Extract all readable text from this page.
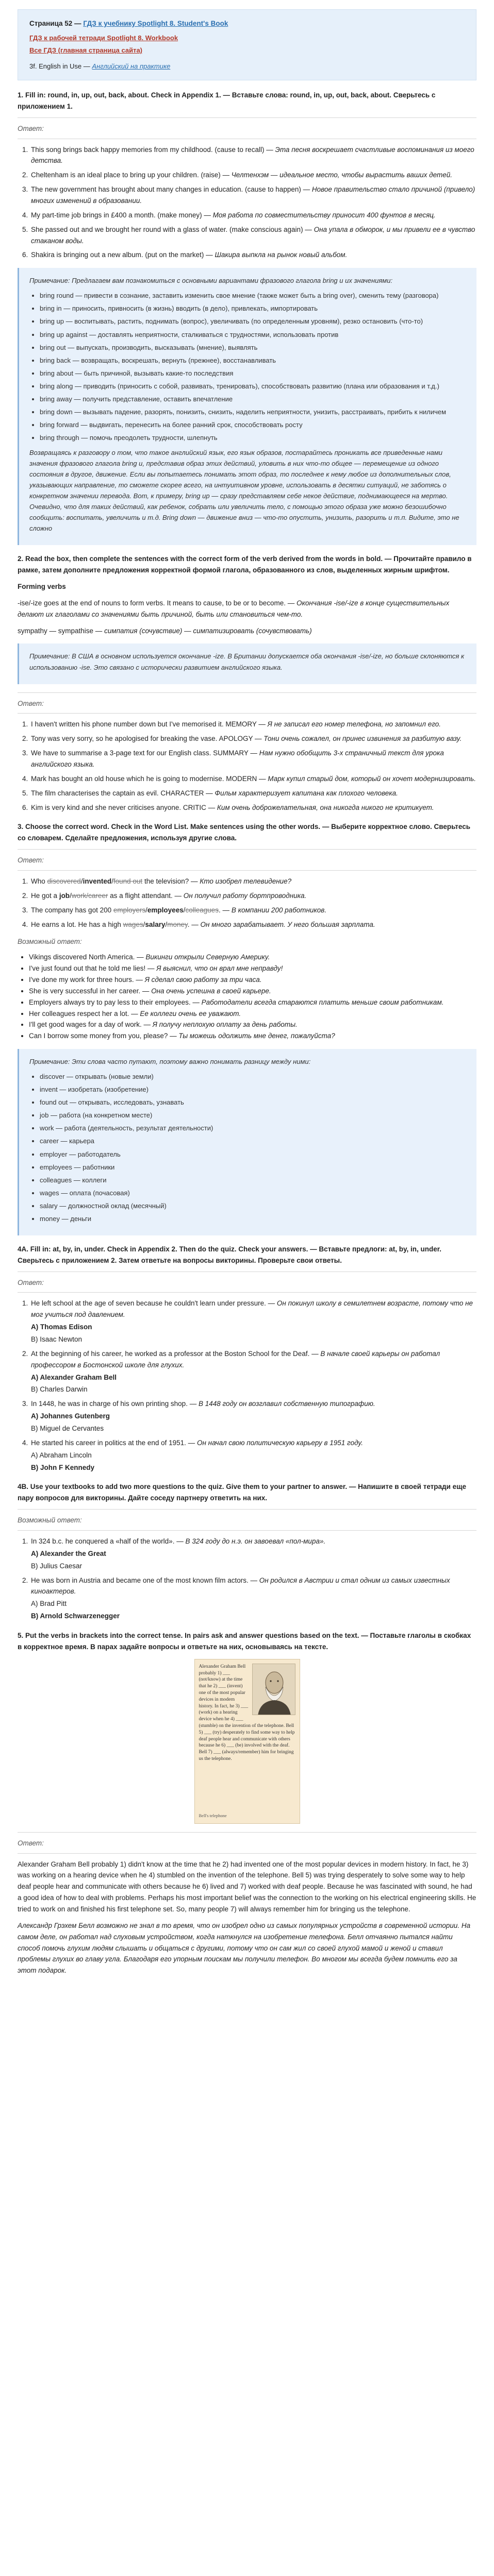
Страница 52 — ГДЗ к учебнику Spotlight 8. Student's Book
ГДЗ к рабочей тетради Spotlight 8. Workbook
Все ГДЗ (главная страница сайта)
3f. English in Use — Английский на практике
1. Fill in: round, in, up, out, back, about. Check in Appendix 1. — Вставьте слова: round, in, up, out, back, about. Сверьтесь с приложением 1.
Ответ:
1. This song brings back happy memories from my childhood. (cause to recall) — Эта песня воскрешает счастливые воспоминания из моего детства.
2. Cheltenham is an ideal place to bring up your children. (raise) — Челтенхэм — идеальное место, чтобы вырастить ваших детей.
3. The new government has brought about many changes in education. (cause to happen) — Новое правительство стало причиной (привело) многих изменений в образовании.
4. My part-time job brings in £400 a month. (make money) — Моя работа по совместительству приносит 400 фунтов в месяц.
5. She passed out and we brought her round with a glass of water. (make conscious again) — Она упала в обморок, и мы привели ее в чувство стаканом воды.
6. Shakira is bringing out a new album. (put on the market) — Шакира выпкла на рынок новый альбом.

Примечание: Предлагаем вам познакомиться с основными вариантами фразового глагола bring и их значениями:

• bring round — привести в сознание, заставить изменить свое мнение (также может быть a bring over), сменить тему (разговора)
• bring in — приносить, привносить (в жизнь) вводить (в дело), привлекать, импортировать
• bring up — воспитывать, растить, поднимать (вопрос), увеличивать (по определенным уровням), резко остановить (что-то)
• bring up against — доставлять неприятности, сталкиваться с трудностями, использовать против
• bring out — выпускать, производить, высказывать (мнение), выявлять
• bring back — возвращать, воскрешать, вернуть (прежнее), восстанавливать
• bring about — быть причиной, вызывать какие-то последствия
• bring along — приводить (приносить с собой, развивать, тренировать), способствовать развитию (плана или образования и т.д.)
• bring away — получить представление, оставить впечатление
• bring down — вызывать падение, разорять, понизить, снизить, наделить неприятности, унизить, расстраивать, прибить к ниличем
• bring forward — выдвигать, перенесить на более ранний срок, способствовать росту
• bring through — помочь преодолеть трудности, шлепнуть

Возвращаясь к разговору о том, что такое английский язык, его язык образов, постарайтесь проникать все приведенные нами значения фразового глагола bring и, представив образ этих действий, уловить в них что-то общее — перемещение из одного состояния в другое, движение. Если вы попытаетесь понимать этот образ, то последнее к нему любое из дополнительных слов, указывающих направление, то сможете скорее всего, на интуитивном уровне, использовать в десятки ситуаций, не заботясь о конкретном значении перевода. Вот, к примеру, bring up — сразу представляем себе некое действие, поднимающееся на мертво. Очевидно, что для таких действий, как ребенок, собрать или увеличить тело, с помощью этого образа уже можно безошибочно сообщить: воспитать, увеличить и т.д. Bring down — движение вниз — что-то опустить, унизить, разорить и т.п. Видите, это не сложно

2. Read the box, then complete the sentences with the correct form of the verb derived from the words in bold. — Прочитайте правило в рамке, затем дополните предложения корректной формой глагола, образованного из слов, выделенных жирным шрифтом.

Forming verbs

-ise/-ize goes at the end of nouns to form verbs. It means to cause, to be or to become. — Окончания -ise/-ize в конце существительных делают их глаголами со значениями быть причиной, быть или становиться чем-то.

sympathy — sympathise — симпатия (сочувствие) — симпатизировать (сочувствовать)

Примечание: В США в основном используется окончание -ize. В Британии допускается оба окончания -ise/-ize, но больше склоняются к использованию -ise. Это связано с исторически развитием английского языка.

Ответ:
1. I haven't written his phone number down but I've memorised it. MEMORY — Я не записал его номер телефона, но запомнил его.
2. Tony was very sorry, so he apologised for breaking the vase. APOLOGY — Тони очень сожалел, он принес извинения за разбитую вазу.
3. We have to summarise a 3-page text for our English class. SUMMARY — Нам нужно обобщить 3-х страничный текст для урока английского языка.
4. Mark has bought an old house which he is going to modernise. MODERN — Марк купил старый дом, который он хочет модернизировать.
5. The film characterises the captain as evil. CHARACTER — Фильм характеризует капитана как плохого человека.
6. Kim is very kind and she never criticises anyone. CRITIC — Ким очень доброжелательная, она никогда никого не критикует.
3. Choose the correct word. Check in the Word List. Make sentences using the other words. — Выберите корректное слово. Сверьтесь со словарем. Сделайте предложения, используя другие слова.
Ответ:
1. Who discovered/invented/found out the television? — Кто изобрел телевидение?
2. He got a job/work/career as a flight attendant. — Он получил работу бортпроводника.
3. The company has got 200 employers/employees/colleagues. — В компании 200 работников.
4. He earns a lot. He has a high wages/salary/money. — Он много зарабатывает. У него большая зарплата.
Возможный ответ:
• Vikings discovered North America. — Викинги открыли Северную Америку.
• I've just found out that he told me lies! — Я выяснил, что он врал мне неправду!
• I've done my work for three hours. — Я сделал свою работу за три часа.
• She is very successful in her career. — Она очень успешна в своей карьере.
• Employers always try to pay less to their employees. — Работодатели всегда стараются платить меньше своим работникам.
• Her colleagues respect her a lot. — Ее коллеги очень ее уважают.
• I'll get good wages for a day of work. — Я получу неплохую оплату за день работы.
• Can I borrow some money from you, please? — Ты можешь одолжить мне денег, пожалуйста?

Примечание: Эти слова часто путают, поэтому важно понимать разницу между ними:

• discover — открывать (новые земли)
• invent — изобретать (изобретение)
• found out — открывать, исследовать, узнавать
• job — работа (на конкретном месте)
• work — работа (деятельность, результат деятельности)
• career — карьера
• employer — работодатель
• employees — работники
• colleagues — коллеги
• wages — оплата (почасовая)
• salary — должностной оклад (месячный)
• money — деньги
4A. Fill in: at, by, in, under. Check in Appendix 2. Then do the quiz. Check your answers. — Вставьте предлоги: at, by, in, under. Сверьтесь с приложением 2. Затем ответьте на вопросы викторины. Проверьте свои ответы.
Ответ:
1. He left school at the age of seven because he couldn't learn under pressure. — Он покинул школу в семилетнем возрасте, потому что не мог учиться под давлением.
A) Thomas Edison
B) Isaac Newton
2. At the beginning of his career, he worked as a professor at the Boston School for the Deaf. — В начале своей карьеры он работал профессором в Бостонской школе для глухих.
A) Alexander Graham Bell
B) Charles Darwin
3. In 1448, he was in charge of his own printing shop. — В 1448 году он возглавил собственную типографию.
A) Johannes Gutenberg
B) Miguel de Cervantes
4. He started his career in politics at the end of 1951. — Он начал свою политическую карьеру в 1951 году.
A) Abraham Lincoln
B) John F Kennedy
4B. Use your textbooks to add two more questions to the quiz. Give them to your partner to answer. — Напишите в своей тетради еще пару вопросов для викторины. Дайте соседу партнеру ответить на них.
Возможный ответ:
1. In 324 b.c. he conquered a «half of the world». — В 324 году до н.э. он завоевал «пол-мира».
A) Alexander the Great
B) Julius Caesar
2. He was born in Austria and became one of the most known film actors. — Он родился в Австрии и стал одним из самых известных киноактеров.
A) Brad Pitt
B) Arnold Schwarzenegger
5. Put the verbs in brackets into the correct tense. In pairs ask and answer questions based on the text. — Поставьте глаголы в скобках в корректное время. В парах задайте вопросы и ответьте на них, основываясь на тексте.
Alexander Graham Bell probably 1) ___ (not/know) at the time that he 2) ___ (invent) one of the most popular devices in modern history. In fact, he 3) ___ (work) on a hearing device when he 4) ___ (stumble) on the invention of the telephone. Bell 5) ___ (try) desperately to find some way to help deaf people hear and communicate with others because he 6) ___ (be) involved with the deaf. Bell 7) ___ (always/remember) him for bringing us the telephone.
Bell's telephone
Ответ:

Alexander Graham Bell probably 1) didn't know at the time that he 2) had invented one of the most popular devices in modern history. In fact, he 3) was working on a hearing device when he 4) stumbled on the invention of the telephone. Bell 5) was trying desperately to solve some way to help deaf people hear and communicate with others because he 6) lived and 7) worked with deaf people. Because he was fascinated with sound, he had a good idea of how to deal with problems. Perhaps his most important belief was the connection to the working on his electrical engineering skills. He tried to work on and finished his first telephone set. So, many people 7) will always remember him for bringing us the telephone.

Александр Грэхем Белл возможно не знал в то время, что он изобрел одно из самых популярных устройств в современной истории. На самом деле, он работал над слуховым устройством, когда наткнулся на изобретение телефона. Белл отчаянно пытался найти способ помочь глухим людям слышать и общаться с другими, потому что он сам жил со своей глухой мамой и женой и ставил проблемы глухих во главу угла. Благодаря его упорным поискам мы получили телефон. Во многом мы всегда будем помнить его за этот подарок.
